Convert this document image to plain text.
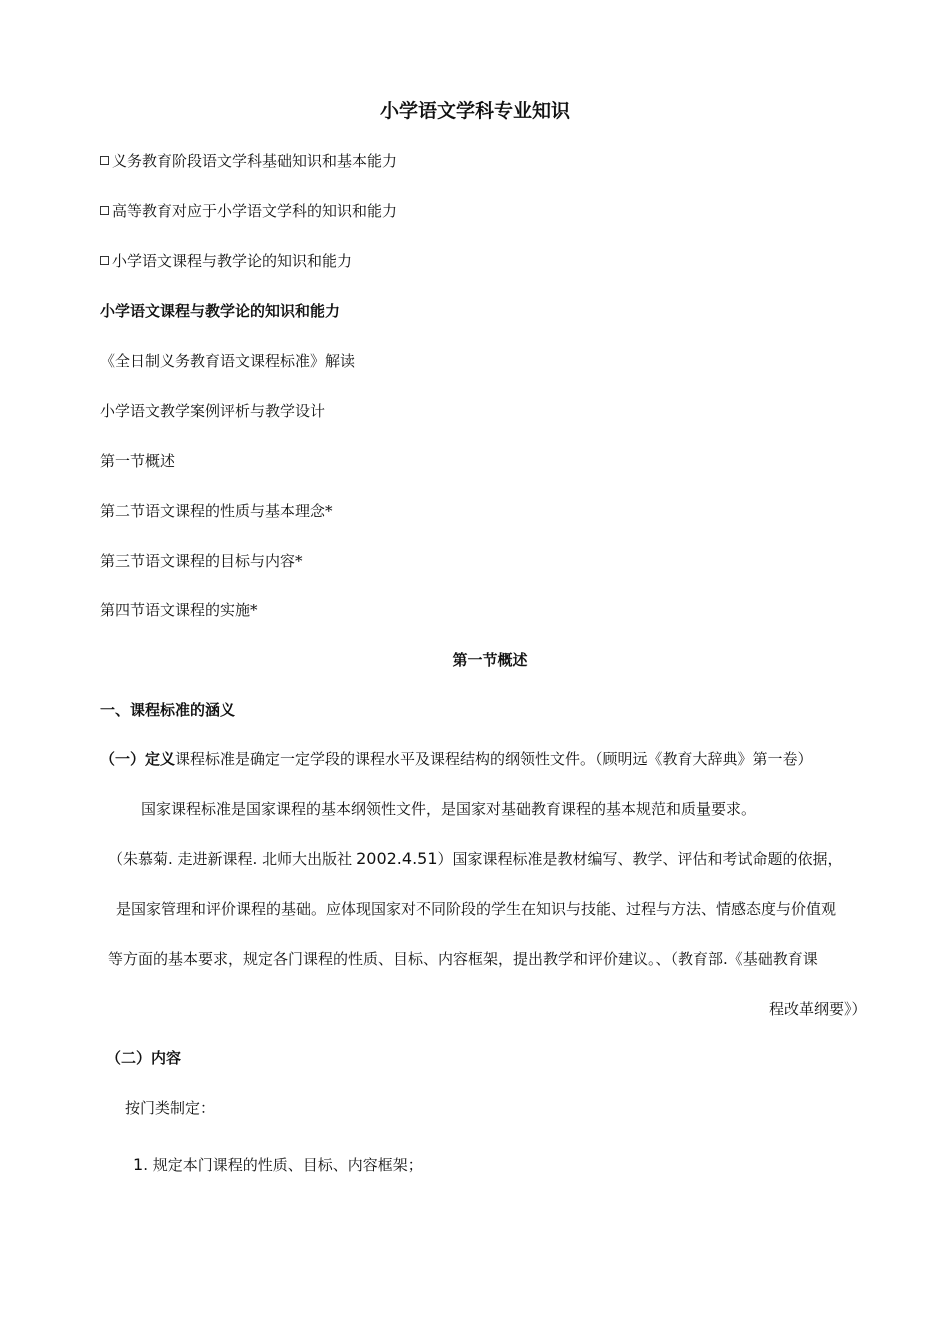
小学语文学科专业知识
义务教育阶段语文学科基础知识和基本能力
高等教育对应于小学语文学科的知识和能力
小学语文课程与教学论的知识和能力
小学语文课程与教学论的知识和能力
《全日制义务教育语文课程标准》解读
小学语文教学案例评析与教学设计
第一节概述
第二节语文课程的性质与基本理念*
第三节语文课程的目标与内容*
第四节语文课程的实施*
第一节概述
一、课程标准的涵义
（一）定义课程标准是确定一定学段的课程水平及课程结构的纲领性文件。（顾明远《教育大辞典》第一卷）
国家课程标准是国家课程的基本纲领性文件，是国家对基础教育课程的基本规范和质量要求。
（朱慕菊. 走进新课程. 北师大出版社 2002.4.51）国家课程标准是教材编写、教学、评估和考试命题的依据，
是国家管理和评价课程的基础。应体现国家对不同阶段的学生在知识与技能、过程与方法、情感态度与价值观
等方面的基本要求，规定各门课程的性质、目标、内容框架，提出教学和评价建议。、（教育部.《基础教育课
程改革纲要》）
（二）内容
按门类制定：
1. 规定本门课程的性质、目标、内容框架；
